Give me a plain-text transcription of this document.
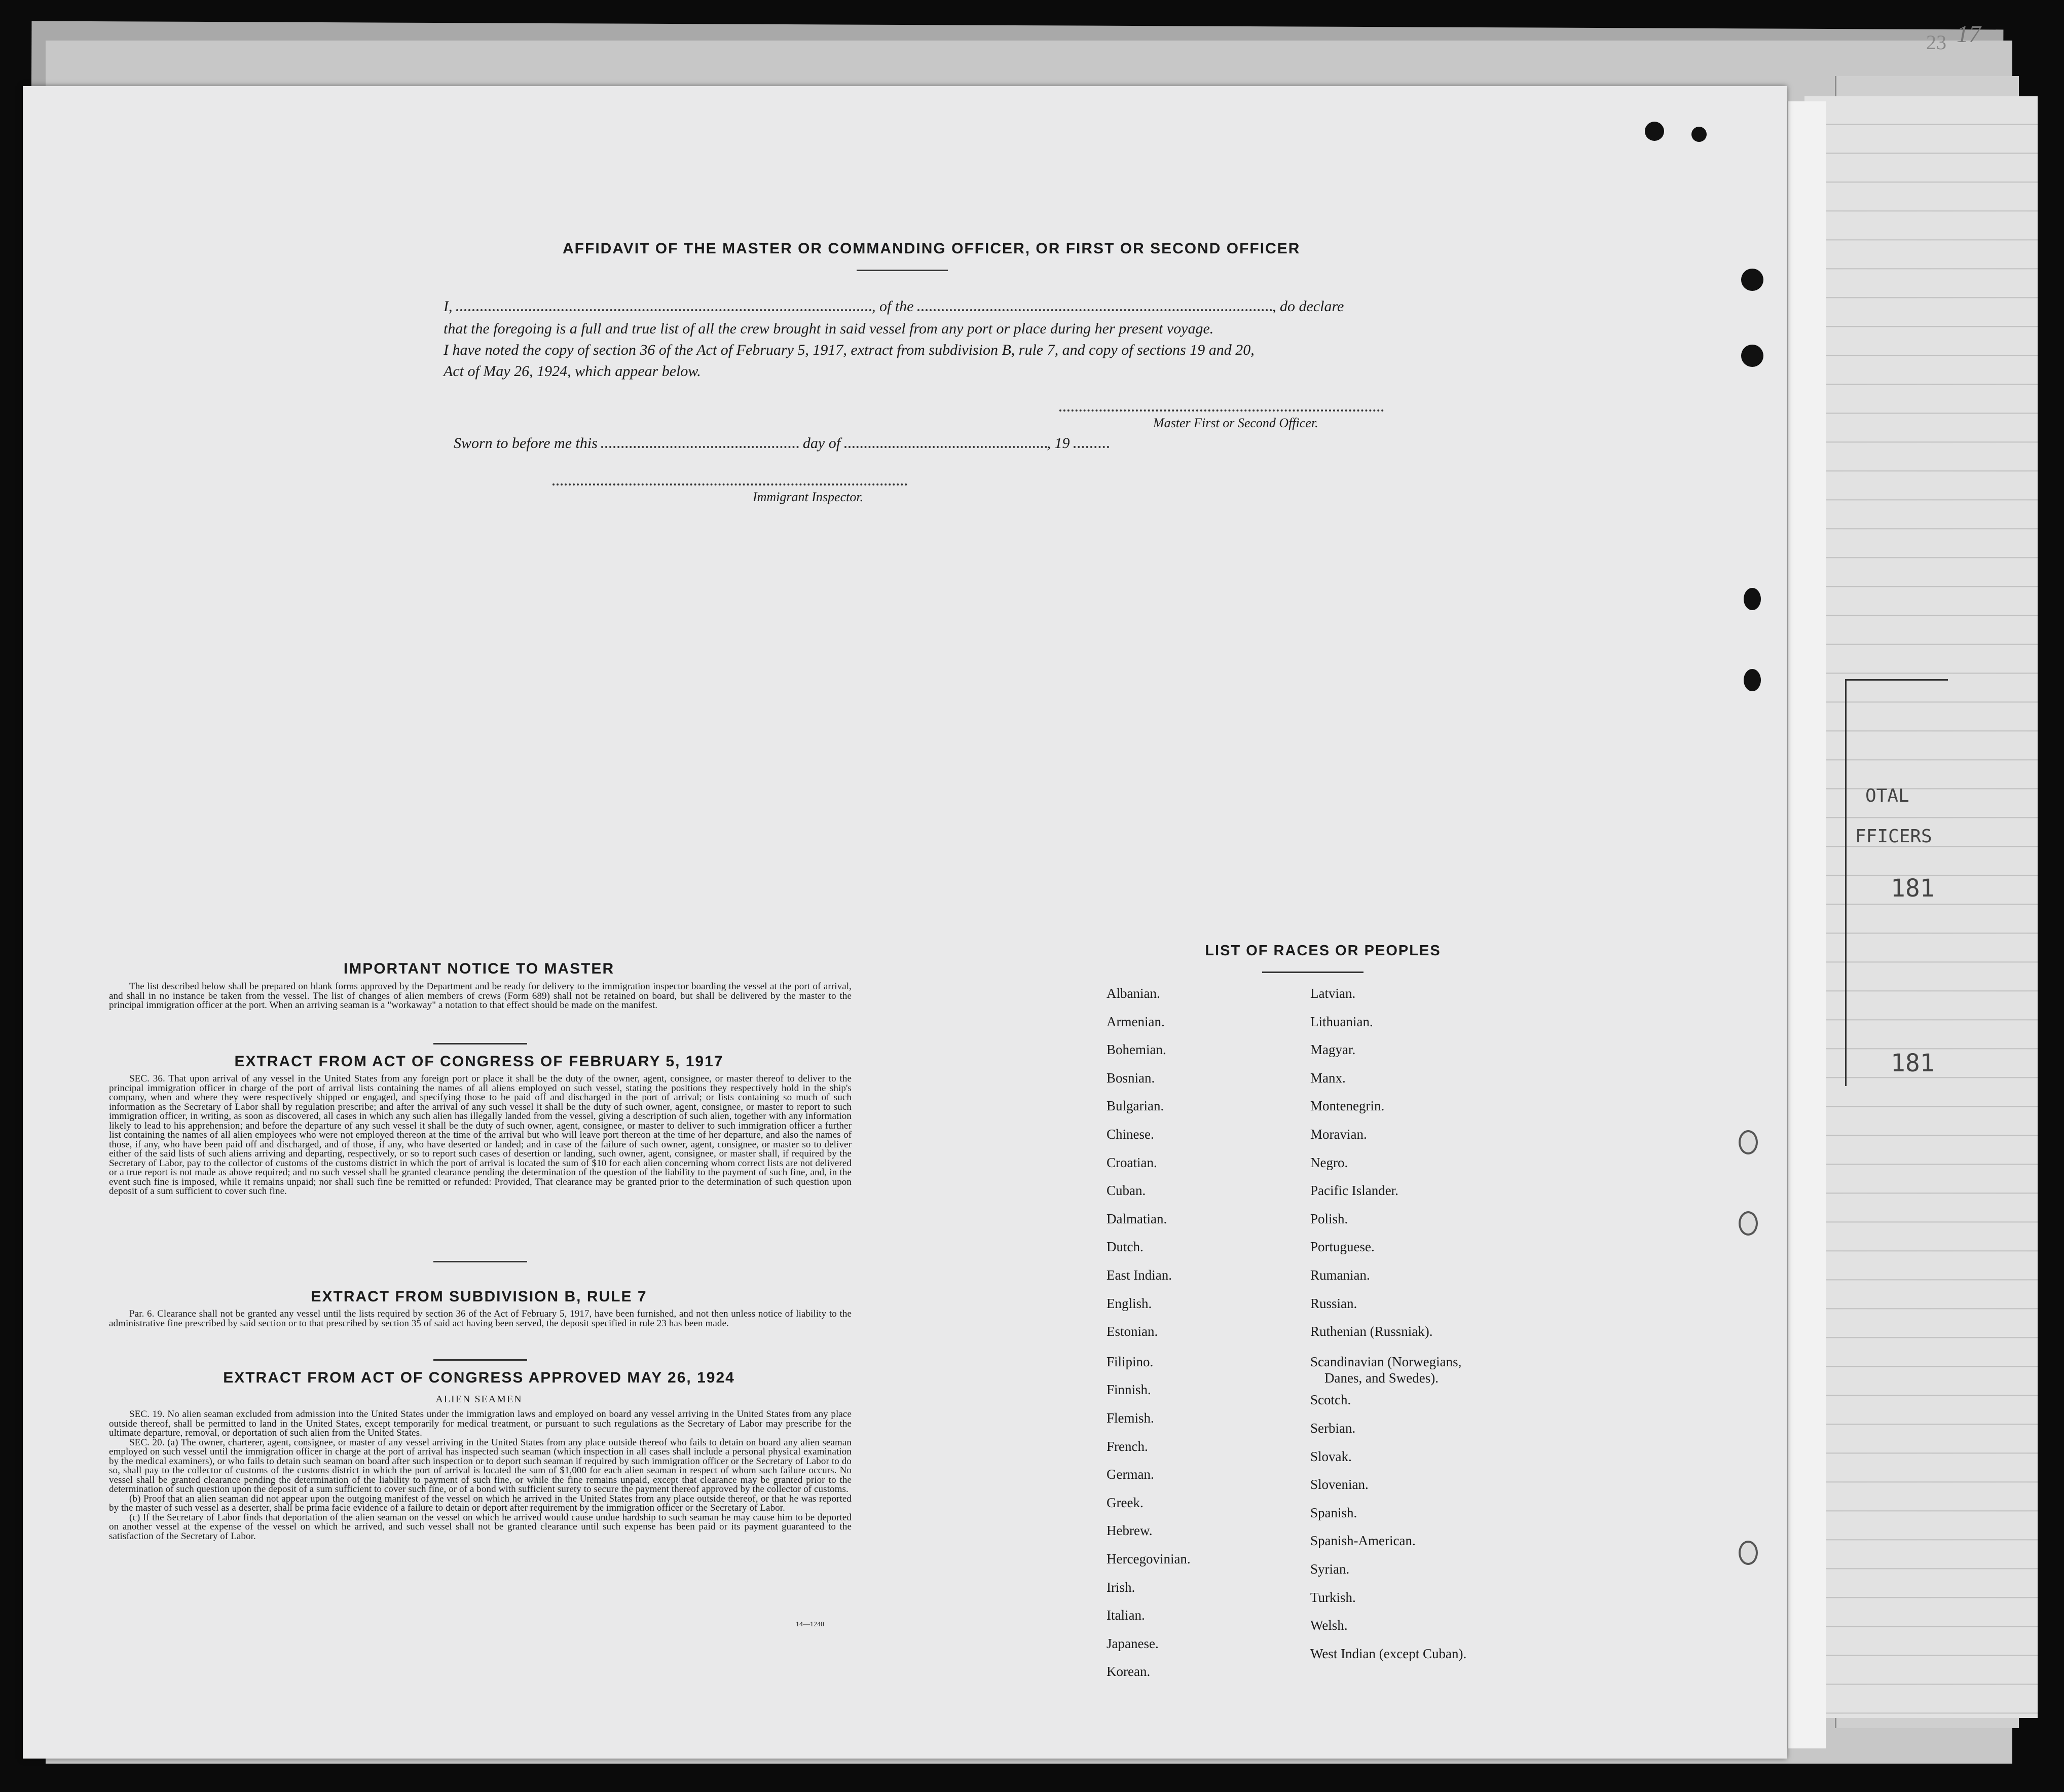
23 17
OTAL
FFICERS
181
181
AFFIDAVIT OF THE MASTER OR COMMANDING OFFICER, OR FIRST OR SECOND OFFICER
I,	, of the	, do declare
that the foregoing is a full and true list of all the crew brought in said vessel from any port or place during her present voyage.
I have noted the copy of section 36 of the Act of February 5, 1917, extract from subdivision B, rule 7, and copy of sections 19 and 20,
Act of May 26, 1924, which appear below.
Master First or Second Officer.
Sworn to before me this	day of	, 19
Immigrant Inspector.
IMPORTANT NOTICE TO MASTER

The list described below shall be prepared on blank forms approved by the Department and be ready for delivery to the immigration inspector boarding the vessel at the port of arrival, and shall in no instance be taken from the vessel. The list of changes of alien members of crews (Form 689) shall not be retained on board, but shall be delivered by the master to the principal immigration officer at the port. When an arriving seaman is a "workaway" a notation to that effect should be made on the manifest.

EXTRACT FROM ACT OF CONGRESS OF FEBRUARY 5, 1917

SEC. 36. That upon arrival of any vessel in the United States from any foreign port or place it shall be the duty of the owner, agent, consignee, or master thereof to deliver to the principal immigration officer in charge of the port of arrival lists containing the names of all aliens employed on such vessel, stating the positions they respectively hold in the ship's company, when and where they were respectively shipped or engaged, and specifying those to be paid off and discharged in the port of arrival; or lists containing so much of such information as the Secretary of Labor shall by regulation prescribe; and after the arrival of any such vessel it shall be the duty of such owner, agent, consignee, or master to report to such immigration officer, in writing, as soon as discovered, all cases in which any such alien has illegally landed from the vessel, giving a description of such alien, together with any information likely to lead to his apprehension; and before the departure of any such vessel it shall be the duty of such owner, agent, consignee, or master to deliver to such immigration officer a further list containing the names of all alien employees who were not employed thereon at the time of the arrival but who will leave port thereon at the time of her departure, and also the names of those, if any, who have been paid off and discharged, and of those, if any, who have deserted or landed; and in case of the failure of such owner, agent, consignee, or master so to deliver either of the said lists of such aliens arriving and departing, respectively, or so to report such cases of desertion or landing, such owner, agent, consignee, or master shall, if required by the Secretary of Labor, pay to the collector of customs of the customs district in which the port of arrival is located the sum of $10 for each alien concerning whom correct lists are not delivered or a true report is not made as above required; and no such vessel shall be granted clearance pending the determination of the question of the liability to the payment of such fine, and, in the event such fine is imposed, while it remains unpaid; nor shall such fine be remitted or refunded: Provided, That clearance may be granted prior to the determination of such question upon deposit of a sum sufficient to cover such fine.

EXTRACT FROM SUBDIVISION B, RULE 7

Par. 6. Clearance shall not be granted any vessel until the lists required by section 36 of the Act of February 5, 1917, have been furnished, and not then unless notice of liability to the administrative fine prescribed by said section or to that prescribed by section 35 of said act having been served, the deposit specified in rule 23 has been made.

EXTRACT FROM ACT OF CONGRESS APPROVED MAY 26, 1924
ALIEN SEAMEN

SEC. 19. No alien seaman excluded from admission into the United States under the immigration laws and employed on board any vessel arriving in the United States from any place outside thereof, shall be permitted to land in the United States, except temporarily for medical treatment, or pursuant to such regulations as the Secretary of Labor may prescribe for the ultimate departure, removal, or deportation of such alien from the United States.

SEC. 20. (a) The owner, charterer, agent, consignee, or master of any vessel arriving in the United States from any place outside thereof who fails to detain on board any alien seaman employed on such vessel until the immigration officer in charge at the port of arrival has inspected such seaman (which inspection in all cases shall include a personal physical examination by the medical examiners), or who fails to detain such seaman on board after such inspection or to deport such seaman if required by such immigration officer or the Secretary of Labor to do so, shall pay to the collector of customs of the customs district in which the port of arrival is located the sum of $1,000 for each alien seaman in respect of whom such failure occurs. No vessel shall be granted clearance pending the determination of the liability to payment of such fine, or while the fine remains unpaid, except that clearance may be granted prior to the determination of such question upon the deposit of a sum sufficient to cover such fine, or of a bond with sufficient surety to secure the payment thereof approved by the collector of customs.

(b) Proof that an alien seaman did not appear upon the outgoing manifest of the vessel on which he arrived in the United States from any place outside thereof, or that he was reported by the master of such vessel as a deserter, shall be prima facie evidence of a failure to detain or deport after requirement by the immigration officer or the Secretary of Labor.

(c) If the Secretary of Labor finds that deportation of the alien seaman on the vessel on which he arrived would cause undue hardship to such seaman he may cause him to be deported on another vessel at the expense of the vessel on which he arrived, and such vessel shall not be granted clearance until such expense has been paid or its payment guaranteed to the satisfaction of the Secretary of Labor.

14—1240
LIST OF RACES OR PEOPLES
Albanian.
Armenian.
Bohemian.
Bosnian.
Bulgarian.
Chinese.
Croatian.
Cuban.
Dalmatian.
Dutch.
East Indian.
English.
Estonian.
Filipino.
Finnish.
Flemish.
French.
German.
Greek.
Hebrew.
Hercegovinian.
Irish.
Italian.
Japanese.
Korean.
Latvian.
Lithuanian.
Magyar.
Manx.
Montenegrin.
Moravian.
Negro.
Pacific Islander.
Polish.
Portuguese.
Rumanian.
Russian.
Ruthenian (Russniak).
Scandinavian (Norwegians,
Danes, and Swedes).
Scotch.
Serbian.
Slovak.
Slovenian.
Spanish.
Spanish-American.
Syrian.
Turkish.
Welsh.
West Indian (except Cuban).
